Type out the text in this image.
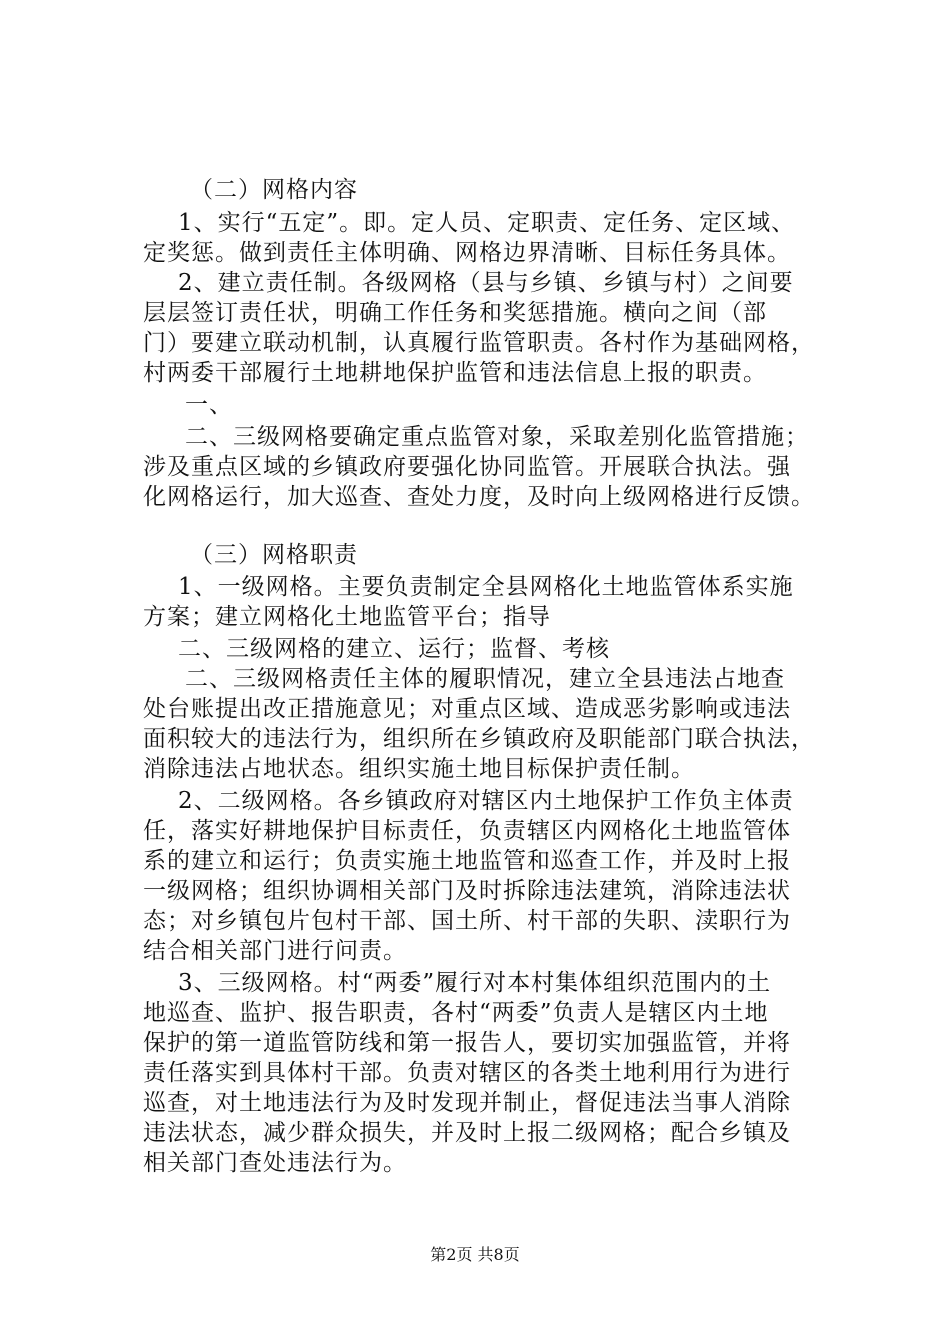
（二）网格内容
1、实行“五定”。即。定人员、定职责、定任务、定区域、
定奖惩。做到责任主体明确、网格边界清晰、目标任务具体。
2、建立责任制。各级网格（县与乡镇、乡镇与村）之间要
层层签订责任状，明确工作任务和奖惩措施。横向之间（部
门）要建立联动机制，认真履行监管职责。各村作为基础网格，
村两委干部履行土地耕地保护监管和违法信息上报的职责。
一、
二、三级网格要确定重点监管对象，采取差别化监管措施；
涉及重点区域的乡镇政府要强化协同监管。开展联合执法。强
化网格运行，加大巡查、查处力度，及时向上级网格进行反馈。
（三）网格职责
1、一级网格。主要负责制定全县网格化土地监管体系实施
方案；建立网格化土地监管平台；指导
二、三级网格的建立、运行；监督、考核
二、三级网格责任主体的履职情况，建立全县违法占地查
处台账提出改正措施意见；对重点区域、造成恶劣影响或违法
面积较大的违法行为，组织所在乡镇政府及职能部门联合执法，
消除违法占地状态。组织实施土地目标保护责任制。
2、二级网格。各乡镇政府对辖区内土地保护工作负主体责
任，落实好耕地保护目标责任，负责辖区内网格化土地监管体
系的建立和运行；负责实施土地监管和巡查工作，并及时上报
一级网格；组织协调相关部门及时拆除违法建筑，消除违法状
态；对乡镇包片包村干部、国土所、村干部的失职、渎职行为
结合相关部门进行问责。
3、三级网格。村“两委”履行对本村集体组织范围内的土
地巡查、监护、报告职责，各村“两委”负责人是辖区内土地
保护的第一道监管防线和第一报告人，要切实加强监管，并将
责任落实到具体村干部。负责对辖区的各类土地利用行为进行
巡查，对土地违法行为及时发现并制止，督促违法当事人消除
违法状态，减少群众损失，并及时上报二级网格；配合乡镇及
相关部门查处违法行为。
第2页 共8页
